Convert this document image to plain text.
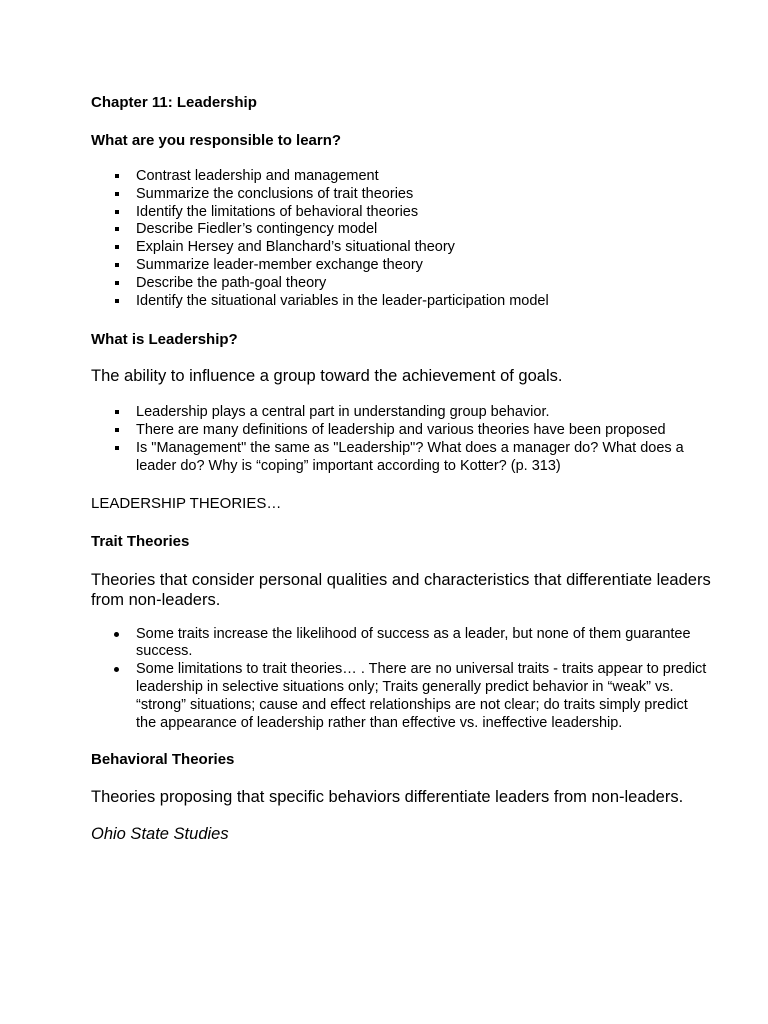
Chapter 11: Leadership

What are you responsible to learn?

Contrast leadership and management
Summarize the conclusions of trait theories
Identify the limitations of behavioral theories
Describe Fiedler’s contingency model
Explain Hersey and Blanchard’s situational theory
Summarize leader-member exchange theory
Describe the path-goal theory
Identify the situational variables in the leader-participation model

What is Leadership?

The ability to influence a group toward the achievement of goals.

Leadership plays a central part in understanding group behavior.
There are many definitions of leadership and various theories have been proposed
Is "Management" the same as "Leadership"? What does a manager do? What does a leader do? Why is “coping” important according to Kotter? (p. 313)

LEADERSHIP THEORIES…

Trait Theories

Theories that consider personal qualities and characteristics that differentiate leaders from non-leaders.

Some traits increase the likelihood of success as a leader, but none of them guarantee success.
Some limitations to trait theories… . There are no universal traits - traits appear to predict leadership in selective situations only; Traits generally predict behavior in “weak” vs. “strong” situations; cause and effect relationships are not clear; do traits simply predict the appearance of leadership rather than effective vs. ineffective leadership.

Behavioral Theories

Theories proposing that specific behaviors differentiate leaders from non-leaders.

Ohio State Studies
